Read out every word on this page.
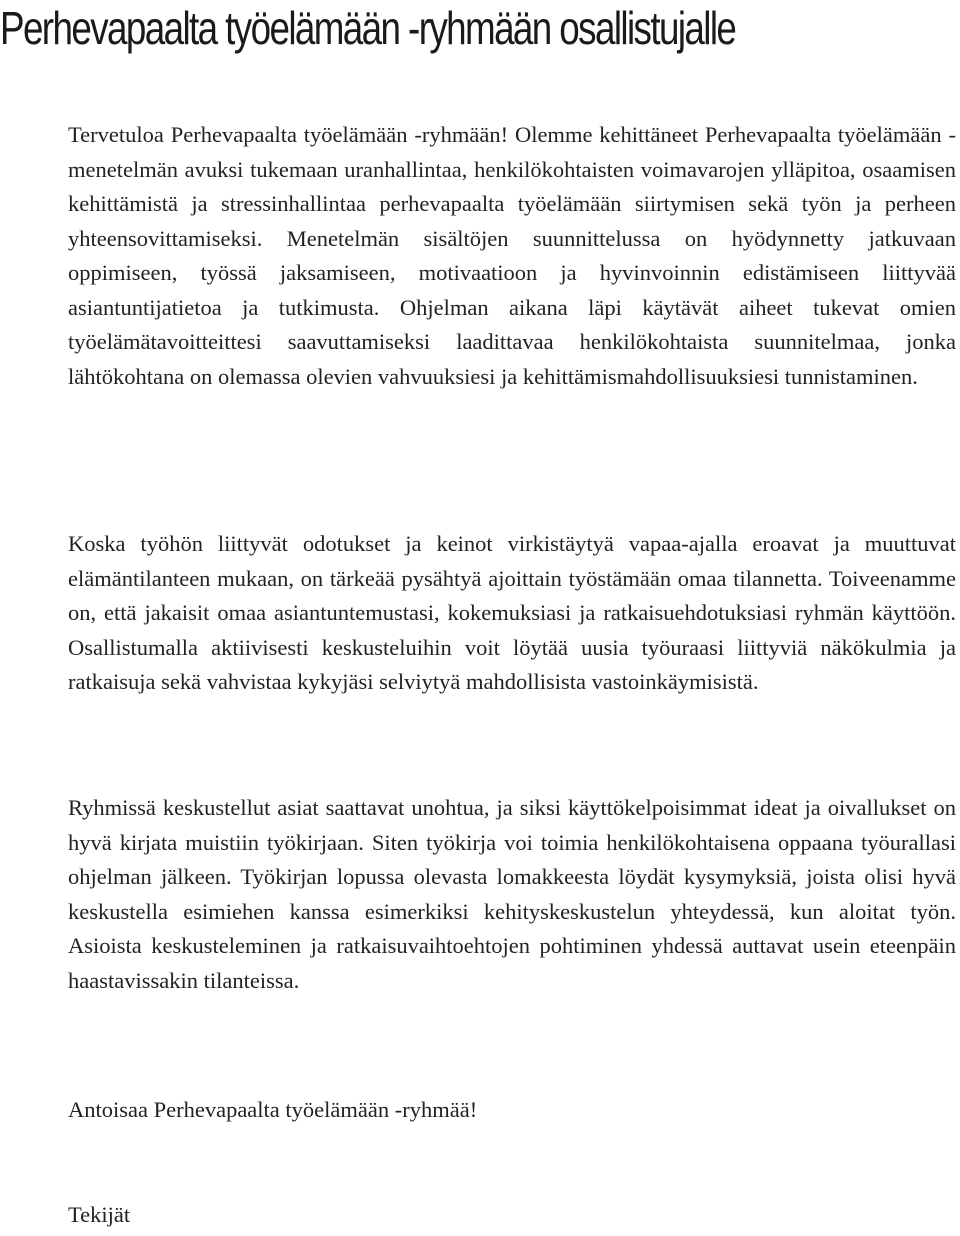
Perhevapaalta työelämään -ryhmään osallistujalle

Tervetuloa Perhevapaalta työelämään -ryhmään! Olemme kehittäneet Perhevapaalta työelämään -menetelmän avuksi tukemaan uranhallintaa, henkilökohtaisten voimavarojen ylläpitoa, osaamisen kehittämistä ja stressinhallintaa perhevapaalta työelämään siirtymisen sekä työn ja perheen yhteensovittamiseksi. Menetelmän sisältöjen suunnittelussa on hyödynnetty jatkuvaan oppimiseen, työssä jaksamiseen, motivaatioon ja hyvinvoinnin edistämiseen liittyvää asiantuntijatietoa ja tutkimusta. Ohjelman aikana läpi käytävät aiheet tukevat omien työelämätavoitteittesi saavuttamiseksi laadittavaa henkilökohtaista suunnitelmaa, jonka lähtökohtana on olemassa olevien vahvuuksiesi ja kehittämismahdollisuuksiesi tunnistaminen.

Koska työhön liittyvät odotukset ja keinot virkistäytyä vapaa-ajalla eroavat ja muuttuvat elämäntilanteen mukaan, on tärkeää pysähtyä ajoittain työstämään omaa tilannetta. Toiveenamme on, että jakaisit omaa asiantuntemustasi, kokemuksiasi ja ratkaisuehdotuksiasi ryhmän käyttöön. Osallistumalla aktiivisesti keskusteluihin voit löytää uusia työuraasi liittyviä näkökulmia ja ratkaisuja sekä vahvistaa kykyjäsi selviytyä mahdollisista vastoinkäymisistä.

Ryhmissä keskustellut asiat saattavat unohtua, ja siksi käyttökelpoisimmat ideat ja oivallukset on hyvä kirjata muistiin työkirjaan. Siten työkirja voi toimia henkilökohtaisena oppaana työurallasi ohjelman jälkeen. Työkirjan lopussa olevasta lomakkeesta löydät kysymyksiä, joista olisi hyvä keskustella esimiehen kanssa esimerkiksi kehityskeskustelun yhteydessä, kun aloitat työn. Asioista keskusteleminen ja ratkaisuvaihtoehtojen pohtiminen yhdessä auttavat usein eteenpäin haastavissakin tilanteissa.

Antoisaa Perhevapaalta työelämään -ryhmää!

Tekijät
